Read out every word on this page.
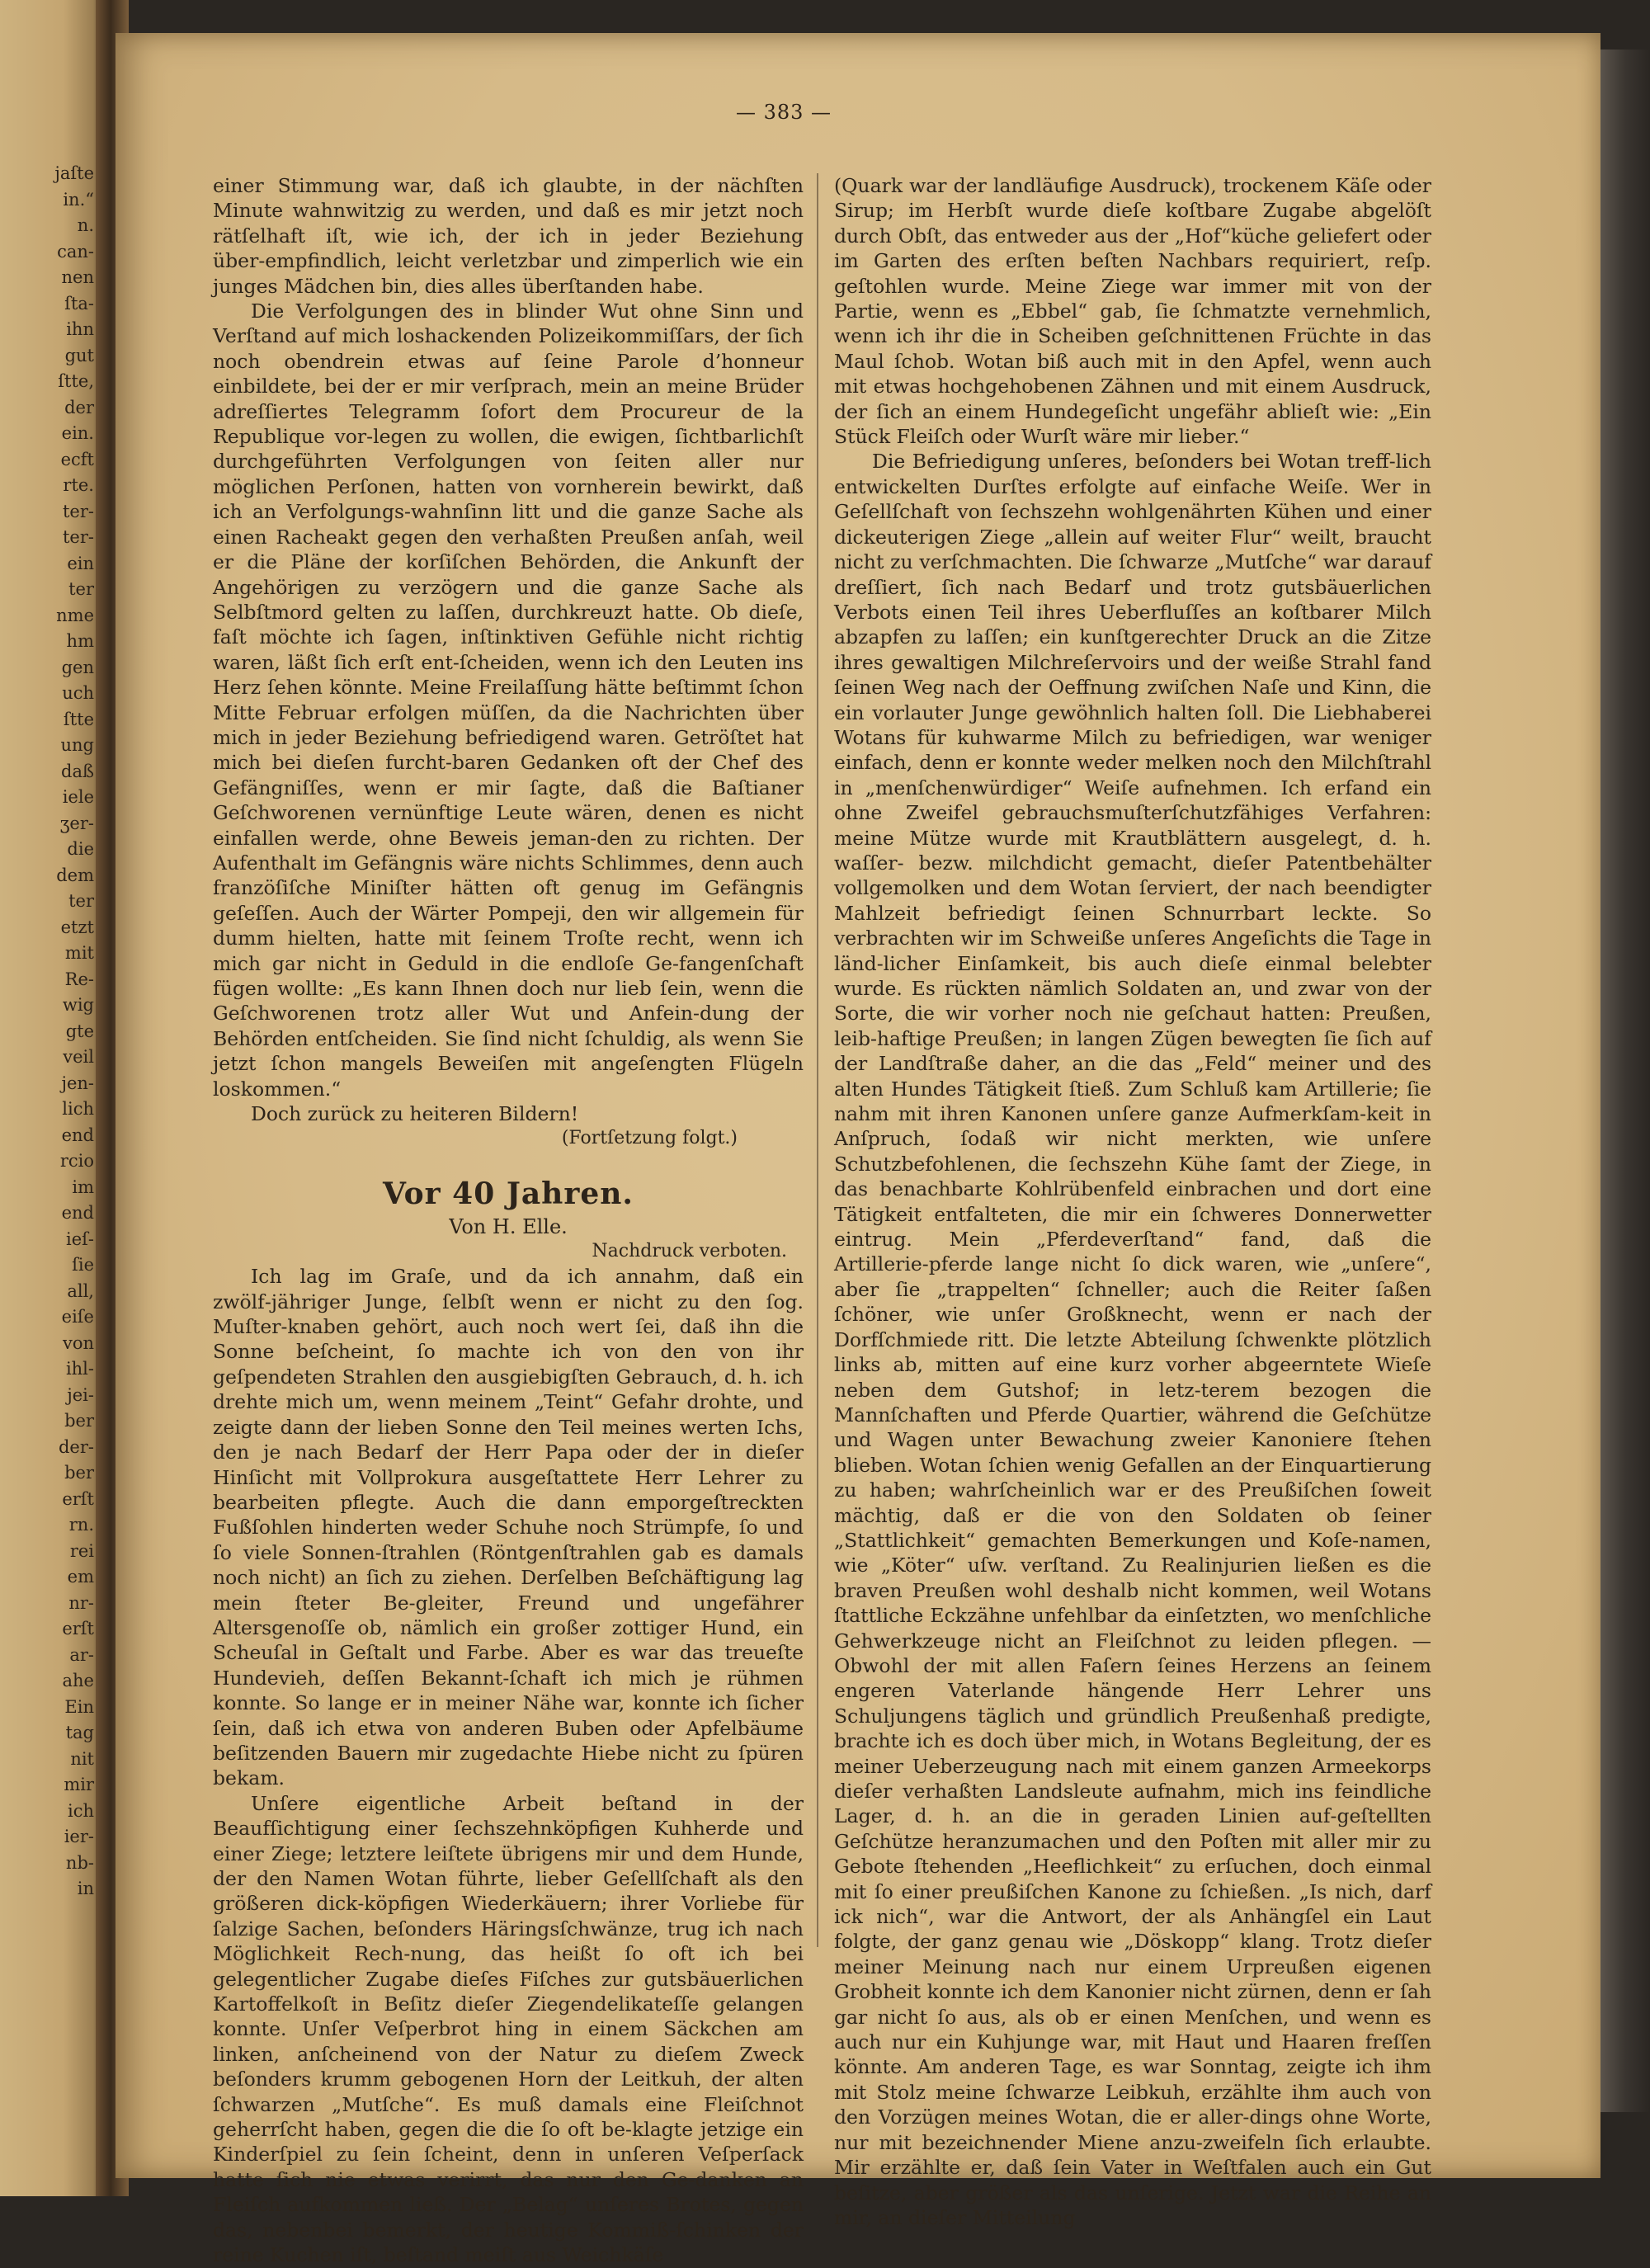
jaſte
in.“
n.
can‑
nen
ſta‑
ihn
gut
ſtte,
der
ein.
ecft
rte.
ter‑
ter‑
ein
ter
nme
hm
gen
uch
ſtte
ung
daß
iele
ʒer‑
die
dem
ter
etzt
mit
Re‑
wig
gte
veil
jen‑
lich
end
rcio
im
end
ieſ‑
ſie
all,
eiſe
von
ihl‑
jei‑
ber
der‑
ber
erſt
rn.
rei
em
nr‑
erſt
ar‑
ahe
Ein
tag
nit
mir
ich
ier‑
nb‑
in
— 383 —

einer Stimmung war, daß ich glaubte, in der nächſten Minute wahnwitzig zu werden, und daß es mir jetzt noch rätſelhaft iſt, wie ich, der ich in jeder Beziehung über‑empfindlich, leicht verletzbar und zimperlich wie ein junges Mädchen bin, dies alles überſtanden habe.

Die Verfolgungen des in blinder Wut ohne Sinn und Verſtand auf mich loshackenden Polizeikommiſſars, der ſich noch obendrein etwas auf ſeine Parole d’honneur einbildete, bei der er mir verſprach, mein an meine Brüder adreſſiertes Telegramm ſofort dem Procureur de la Republique vor‑legen zu wollen, die ewigen, ſichtbarlichſt durchgeführten Verfolgungen von ſeiten aller nur möglichen Perſonen, hatten von vornherein bewirkt, daß ich an Verfolgungs‑wahnſinn litt und die ganze Sache als einen Racheakt gegen den verhaßten Preußen anſah, weil er die Pläne der korſiſchen Behörden, die Ankunft der Angehörigen zu verzögern und die ganze Sache als Selbſtmord gelten zu laſſen, durchkreuzt hatte. Ob dieſe, faſt möchte ich ſagen, inſtinktiven Gefühle nicht richtig waren, läßt ſich erſt ent‑ſcheiden, wenn ich den Leuten ins Herz ſehen könnte. Meine Freilaſſung hätte beſtimmt ſchon Mitte Februar erfolgen müſſen, da die Nachrichten über mich in jeder Beziehung befriedigend waren. Getröſtet hat mich bei dieſen furcht‑baren Gedanken oft der Chef des Gefängniſſes, wenn er mir ſagte, daß die Baſtianer Geſchworenen vernünftige Leute wären, denen es nicht einfallen werde, ohne Beweis jeman‑den zu richten. Der Aufenthalt im Gefängnis wäre nichts Schlimmes, denn auch franzöſiſche Miniſter hätten oft genug im Gefängnis geſeſſen. Auch der Wärter Pompeji, den wir allgemein für dumm hielten, hatte mit ſeinem Troſte recht, wenn ich mich gar nicht in Geduld in die endloſe Ge‑fangenſchaft fügen wollte: „Es kann Ihnen doch nur lieb ſein, wenn die Geſchworenen trotz aller Wut und Anfein‑dung der Behörden entſcheiden. Sie ſind nicht ſchuldig, als wenn Sie jetzt ſchon mangels Beweiſen mit angeſengten Flügeln loskommen.“

Doch zurück zu heiteren Bildern!

(Fortſetzung folgt.)

Vor 40 Jahren.
Von H. Elle.
Nachdruck verboten.

Ich lag im Graſe, und da ich annahm, daß ein zwölf‑jähriger Junge, ſelbſt wenn er nicht zu den ſog. Muſter‑knaben gehört, auch noch wert ſei, daß ihn die Sonne beſcheint, ſo machte ich von den von ihr geſpendeten Strahlen den ausgiebigſten Gebrauch, d. h. ich drehte mich um, wenn meinem „Teint“ Gefahr drohte, und zeigte dann der lieben Sonne den Teil meines werten Ichs, den je nach Bedarf der Herr Papa oder der in dieſer Hinſicht mit Vollprokura ausgeſtattete Herr Lehrer zu bearbeiten pflegte. Auch die dann emporgeſtreckten Fußſohlen hinderten weder Schuhe noch Strümpfe, ſo und ſo viele Sonnen‑ſtrahlen (Röntgenſtrahlen gab es damals noch nicht) an ſich zu ziehen. Derſelben Beſchäftigung lag mein ſteter Be‑gleiter, Freund und ungefährer Altersgenoſſe ob, nämlich ein großer zottiger Hund, ein Scheuſal in Geſtalt und Farbe. Aber es war das treueſte Hundevieh, deſſen Bekannt‑ſchaft ich mich je rühmen konnte. So lange er in meiner Nähe war, konnte ich ſicher ſein, daß ich etwa von anderen Buben oder Apfelbäume beſitzenden Bauern mir zugedachte Hiebe nicht zu ſpüren bekam.

Unſere eigentliche Arbeit beſtand in der Beaufſichtigung einer ſechszehnköpfigen Kuhherde und einer Ziege; letztere leiſtete übrigens mir und dem Hunde, der den Namen Wotan führte, lieber Geſellſchaft als den größeren dick‑köpfigen Wiederkäuern; ihrer Vorliebe für ſalzige Sachen, beſonders Häringsſchwänze, trug ich nach Möglichkeit Rech‑nung, das heißt ſo oft ich bei gelegentlicher Zugabe dieſes Fiſches zur gutsbäuerlichen Kartoffelkoſt in Beſitz dieſer Ziegendelikateſſe gelangen konnte. Unſer Veſperbrot hing in einem Säckchen am linken, anſcheinend von der Natur zu dieſem Zweck beſonders krumm gebogenen Horn der Leitkuh, der alten ſchwarzen „Mutſche“. Es muß damals eine Fleiſchnot geherrſcht haben, gegen die die ſo oft be‑klagte jetzige ein Kinderſpiel zu ſein ſcheint, denn in unſeren Veſperſack hatte ſich nie etwas verirrt, das nur den Ge‑danken an Fleiſch aufkommen ließ. Der „Belag“ unſeres Brotes, gegen das, nebenbei bemerkt, der heutige Kommiß‑ſchinken der reine Kuchen iſt, beſtand meiſt aus Weichkäſe

(Quark war der landläufige Ausdruck), trockenem Käſe oder Sirup; im Herbſt wurde dieſe koſtbare Zugabe abgelöſt durch Obſt, das entweder aus der „Hof“küche geliefert oder im Garten des erſten beſten Nachbars requiriert, reſp. geſtohlen wurde. Meine Ziege war immer mit von der Partie, wenn es „Ebbel“ gab, ſie ſchmatzte vernehmlich, wenn ich ihr die in Scheiben geſchnittenen Früchte in das Maul ſchob. Wotan biß auch mit in den Apfel, wenn auch mit etwas hochgehobenen Zähnen und mit einem Ausdruck, der ſich an einem Hundegeſicht ungefähr ablieſt wie: „Ein Stück Fleiſch oder Wurſt wäre mir lieber.“

Die Befriedigung unſeres, beſonders bei Wotan treff‑lich entwickelten Durſtes erfolgte auf einfache Weiſe. Wer in Geſellſchaft von ſechszehn wohlgenährten Kühen und einer dickeuterigen Ziege „allein auf weiter Flur“ weilt, braucht nicht zu verſchmachten. Die ſchwarze „Mutſche“ war darauf dreſſiert, ſich nach Bedarf und trotz gutsbäuerlichen Verbots einen Teil ihres Ueberfluſſes an koſtbarer Milch abzapfen zu laſſen; ein kunſtgerechter Druck an die Zitze ihres gewaltigen Milchreſervoirs und der weiße Strahl fand ſeinen Weg nach der Oeffnung zwiſchen Naſe und Kinn, die ein vorlauter Junge gewöhnlich halten ſoll. Die Liebhaberei Wotans für kuhwarme Milch zu befriedigen, war weniger einfach, denn er konnte weder melken noch den Milchſtrahl in „menſchenwürdiger“ Weiſe aufnehmen. Ich erfand ein ohne Zweifel gebrauchsmuſterſchutzfähiges Verfahren: meine Mütze wurde mit Krautblättern ausgelegt, d. h. waſſer‑ bezw. milchdicht gemacht, dieſer Patentbehälter vollgemolken und dem Wotan ſerviert, der nach beendigter Mahlzeit befriedigt ſeinen Schnurrbart leckte. So verbrachten wir im Schweiße unſeres Angeſichts die Tage in länd‑licher Einſamkeit, bis auch dieſe einmal belebter wurde. Es rückten nämlich Soldaten an, und zwar von der Sorte, die wir vorher noch nie geſchaut hatten: Preußen, leib‑haftige Preußen; in langen Zügen bewegten ſie ſich auf der Landſtraße daher, an die das „Feld“ meiner und des alten Hundes Tätigkeit ſtieß. Zum Schluß kam Artillerie; ſie nahm mit ihren Kanonen unſere ganze Aufmerkſam‑keit in Anſpruch, ſodaß wir nicht merkten, wie unſere Schutzbefohlenen, die ſechszehn Kühe ſamt der Ziege, in das benachbarte Kohlrübenfeld einbrachen und dort eine Tätigkeit entfalteten, die mir ein ſchweres Donnerwetter eintrug. Mein „Pferdeverſtand“ fand, daß die Artillerie‑pferde lange nicht ſo dick waren, wie „unſere“, aber ſie „trappelten“ ſchneller; auch die Reiter ſaßen ſchöner, wie unſer Großknecht, wenn er nach der Dorfſchmiede ritt. Die letzte Abteilung ſchwenkte plötzlich links ab, mitten auf eine kurz vorher abgeerntete Wieſe neben dem Gutshof; in letz‑terem bezogen die Mannſchaften und Pferde Quartier, während die Geſchütze und Wagen unter Bewachung zweier Kanoniere ſtehen blieben. Wotan ſchien wenig Gefallen an der Einquartierung zu haben; wahrſcheinlich war er des Preußiſchen ſoweit mächtig, daß er die von den Soldaten ob ſeiner „Stattlichkeit“ gemachten Bemerkungen und Koſe‑namen, wie „Köter“ uſw. verſtand. Zu Realinjurien ließen es die braven Preußen wohl deshalb nicht kommen, weil Wotans ſtattliche Eckzähne unfehlbar da einſetzten, wo menſchliche Gehwerkzeuge nicht an Fleiſchnot zu leiden pflegen. — Obwohl der mit allen Faſern ſeines Herzens an ſeinem engeren Vaterlande hängende Herr Lehrer uns Schuljungens täglich und gründlich Preußenhaß predigte, brachte ich es doch über mich, in Wotans Begleitung, der es meiner Ueberzeugung nach mit einem ganzen Armeekorps dieſer verhaßten Landsleute aufnahm, mich ins feindliche Lager, d. h. an die in geraden Linien auf‑geſtellten Geſchütze heranzumachen und den Poſten mit aller mir zu Gebote ſtehenden „Heeflichkeit“ zu erſuchen, doch einmal mit ſo einer preußiſchen Kanone zu ſchießen. „Is nich, darf ick nich“, war die Antwort, der als Anhängſel ein Laut folgte, der ganz genau wie „Döskopp“ klang. Trotz dieſer meiner Meinung nach nur einem Urpreußen eigenen Grobheit konnte ich dem Kanonier nicht zürnen, denn er ſah gar nicht ſo aus, als ob er einen Menſchen, und wenn es auch nur ein Kuhjunge war, mit Haut und Haaren freſſen könnte. Am anderen Tage, es war Sonntag, zeigte ich ihm mit Stolz meine ſchwarze Leibkuh, erzählte ihm auch von den Vorzügen meines Wotan, die er aller‑dings ohne Worte, nur mit bezeichnender Miene anzu‑zweifeln ſich erlaubte. Mir erzählte er, daß ſein Vater in Weſtfalen auch ein Gut beſitze, aber größer als das unſerige. Jetzt war die Reihe an mir, an dieſer Mitteilung
